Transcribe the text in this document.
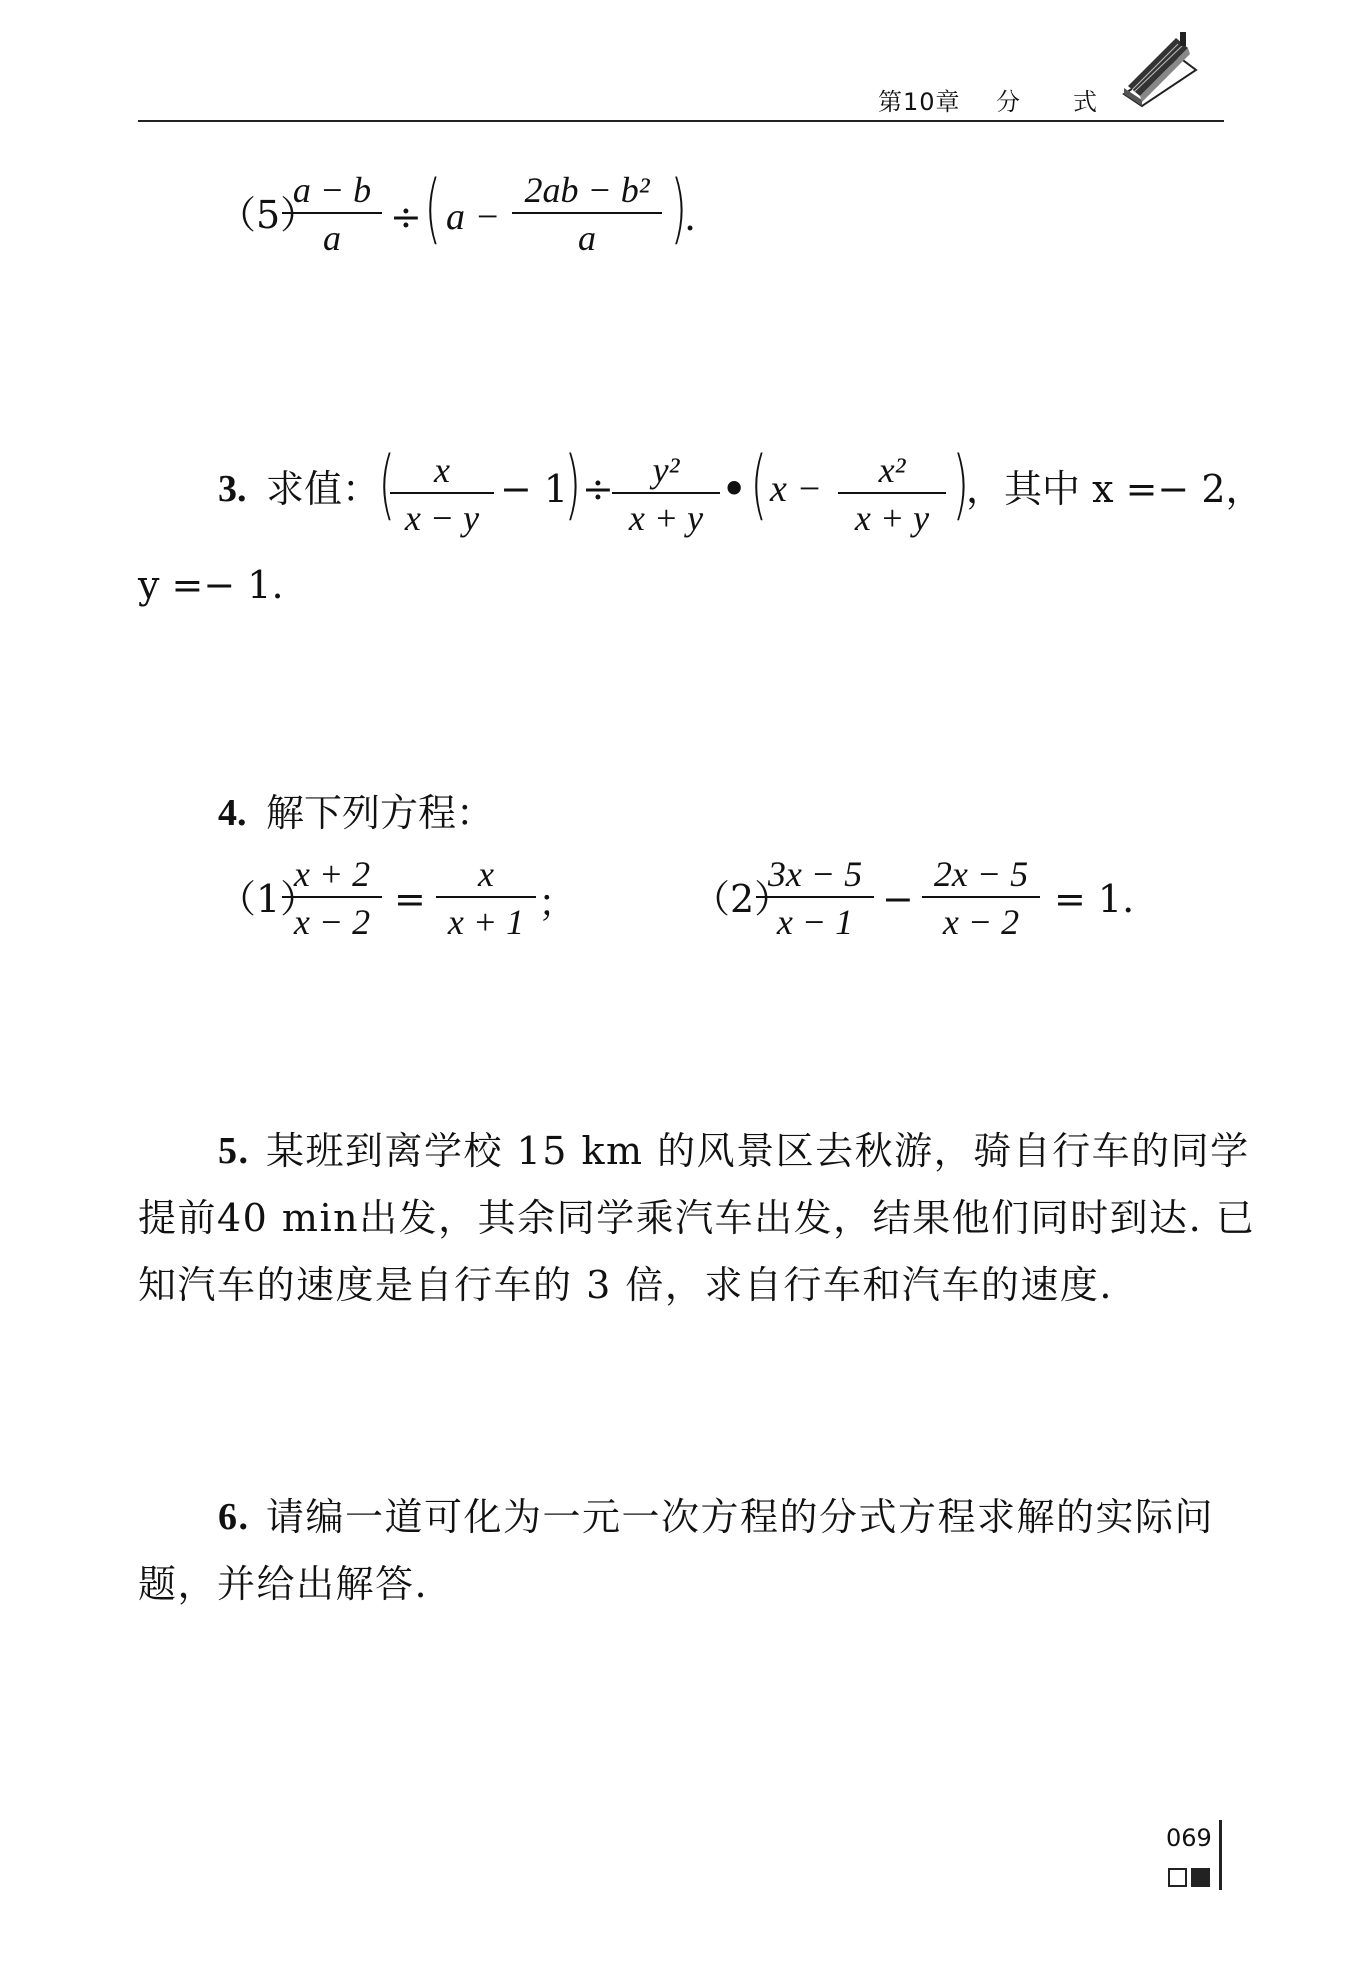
第10章 分 式
（5）
$\frac{a - b}{a}$ ÷ ( $a - \frac{\text{2ab − b²}}{a}$ )
.
3. 求值：
(
$\frac{x}{x - y} - 1$
) ÷
$\frac{\text{y²}}{x + y}$ • ( $x - \frac{\text{x²}}{x + y}$ )
，其中 x =− 2，
y =− 1.
4. 解下列方程：
（1）
$\frac{x + 2}{x - 2} = \frac{x}{x + 1}$ ；	（2）
$\frac{3x - 5}{x - 1} - \frac{2x - 5}{x - 2} = 1$.
5. 某班到离学校 15 km 的风景区去秋游，骑自行车的同学
提前40 min出发，其余同学乘汽车出发，结果他们同时到达. 已
知汽车的速度是自行车的 3 倍，求自行车和汽车的速度.
6. 请编一道可化为一元一次方程的分式方程求解的实际问
题，并给出解答.
069
